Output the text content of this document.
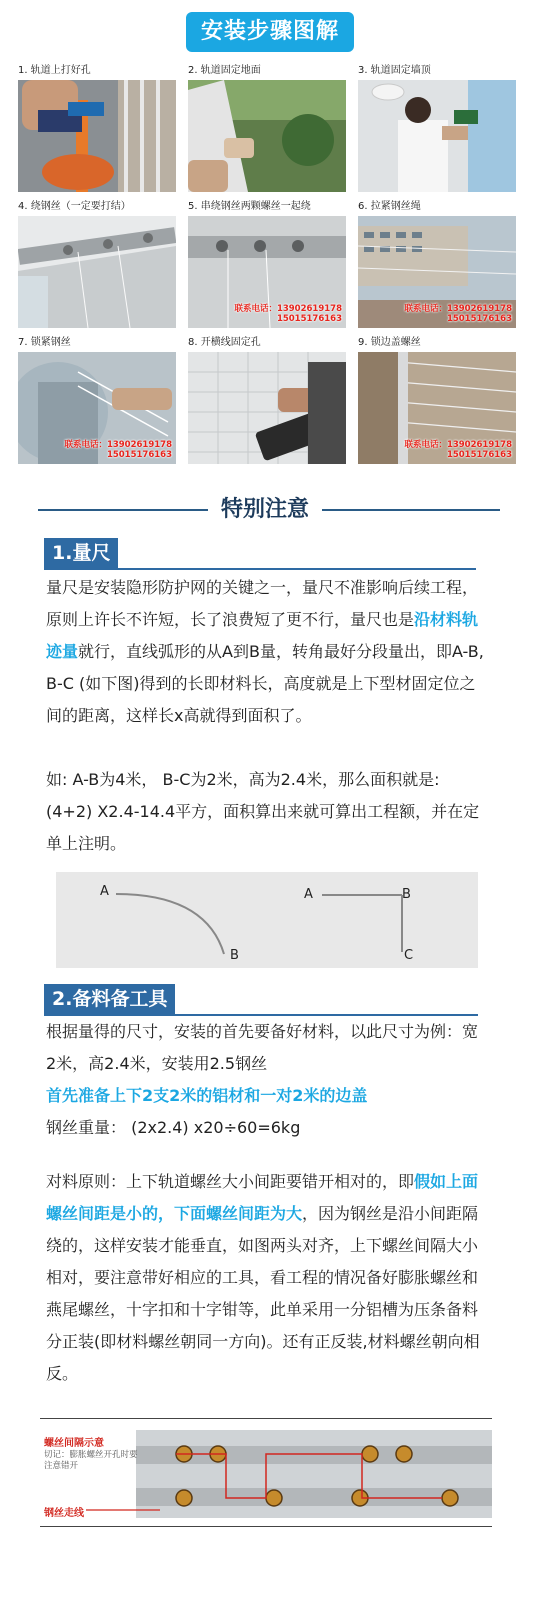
安装步骤图解
1. 轨道上打好孔	2. 轨道固定地面	3. 轨道固定墙顶
4. 绕钢丝（一定要打结）	5. 串绕钢丝两颗螺丝一起绕
联系电话：13902619178
15015176163
6. 拉紧钢丝绳
联系电话：13902619178
15015176163
7. 锁紧钢丝
联系电话：13902619178
15015176163
8. 开横线固定孔	9. 锁边盖螺丝
联系电话：13902619178
15015176163
特别注意
1.量尺
量尺是安装隐形防护网的关键之一，量尺不准影响后续工程，原则上许长不许短，长了浪费短了更不行，量尺也是沿材料轨迹量就行，直线弧形的从A到B量，转角最好分段量出，即A-B, B-C (如下图)得到的长即材料长，高度就是上下型材固定位之间的距离，这样长x高就得到面积了。
如: A-B为4米， B-C为2米，高为2.4米，那么面积就是: (4+2) X2.4-14.4平方，面积算出来就可算出工程额，并在定单上注明。
A
B
A	B
C
2.备料备工具
根据量得的尺寸，安装的首先要备好材料，以此尺寸为例：宽2米，高2.4米，安装用2.5钢丝
首先准备上下2支2米的铝材和一对2米的边盖
钢丝重量： (2x2.4) x20÷60=6kg
对料原则：上下轨道螺丝大小间距要错开相对的，即假如上面螺丝间距是小的，下面螺丝间距为大，因为钢丝是沿小间距隔绕的，这样安装才能垂直，如图两头对齐，上下螺丝间隔大小相对，要注意带好相应的工具，看工程的情况备好膨胀螺丝和燕尾螺丝，十字扣和十字钳等，此单采用一分铝槽为压条备料分正装(即材料螺丝朝同一方向)。还有正反装,材料螺丝朝向相反。
螺丝间隔示意
切记：膨胀螺丝开孔时要注意错开
钢丝走线
